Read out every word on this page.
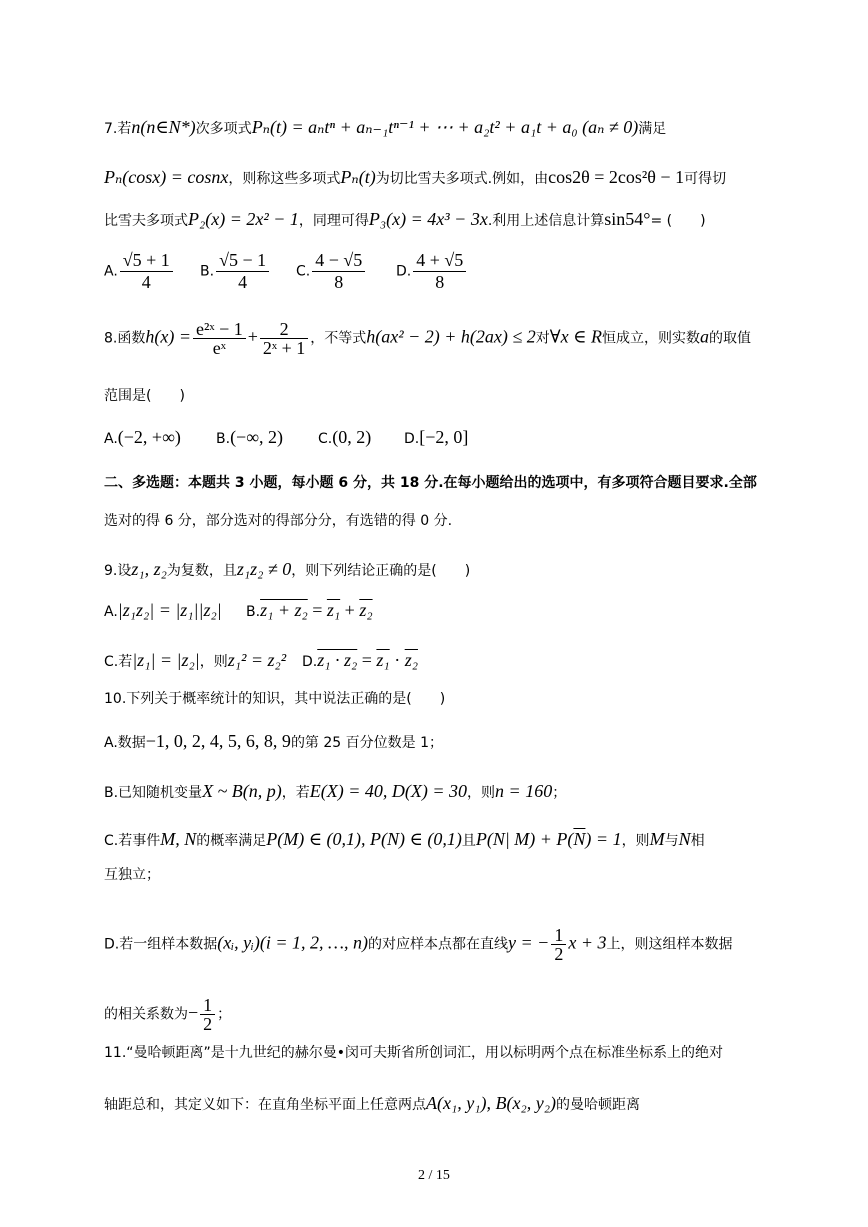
7.若n(n∈N*)次多项式Pₙ(t) = aₙtⁿ + aₙ₋₁tⁿ⁻¹ + ⋯ + a₂t² + a₁t + a₀ (aₙ ≠ 0)满足
Pₙ(cosx) = cosnx，则称这些多项式Pₙ(t)为切比雪夫多项式.例如，由cos2θ = 2cos²θ − 1可得切
比雪夫多项式P₂(x) = 2x² − 1，同理可得P₃(x) = 4x³ − 3x.利用上述信息计算sin54°= (　　)
A. $\frac{√5 + 1}{4} B$. $\frac{√5 - 1}{4} C$. $\frac{4 - √5}{8} D$. $\frac{4 + √5}{8}$
8.函数$h(x) = \frac{\text{e²ˣ − 1}}{\text{eˣ}} + \frac{2}{\text{2ˣ + 1}}$ ，不等式h(ax² − 2) + h(2ax) ≤ 2对∀x ∈ R恒成立，则实数a的取值
范围是(　　)
A.(−2, +∞)	B.(−∞, 2) C.(0, 2) D.[−2, 0]
二、多选题：本题共 3 小题，每小题 6 分，共 18 分.在每小题给出的选项中，有多项符合题目要求.全部
选对的得 6 分，部分选对的得部分分，有选错的得 0 分.
9.设z₁, z₂为复数，且z₁z₂ ≠ 0，则下列结论正确的是(　　)
A.|z₁z₂| = |z₁||z₂| B.z₁ + z₂ = z₁ + z₂
C.若|z₁| = |z₂|，则z₁² = z₂² D.z₁ · z₂ = z₁ · z₂
10.下列关于概率统计的知识，其中说法正确的是(　　)
A.数据−1, 0, 2, 4, 5, 6, 8, 9的第 25 百分位数是 1；
B.已知随机变量X ~ B(n, p)，若E(X) = 40, D(X) = 30，则n = 160；
C.若事件M, N的概率满足P(M) ∈ (0,1), P(N) ∈ (0,1)且P(N| $M) + P(\overline{N}) = 1$，则M与N相
互独立；
D.若一组样本数据(xᵢ, yᵢ)(i = 1, 2, …, n)的对应样本点都在直线y = − $\frac{1}{2}$ x + 3上，则这组样本数据
的相关系数为− $\frac{1}{2}$ ；
11.“曼哈顿距离”是十九世纪的赫尔曼•闵可夫斯省所创词汇，用以标明两个点在标准坐标系上的绝对
轴距总和，其定义如下：在直角坐标平面上任意两点A(x₁, y₁), B(x₂, y₂)的曼哈顿距离
2 / 15
